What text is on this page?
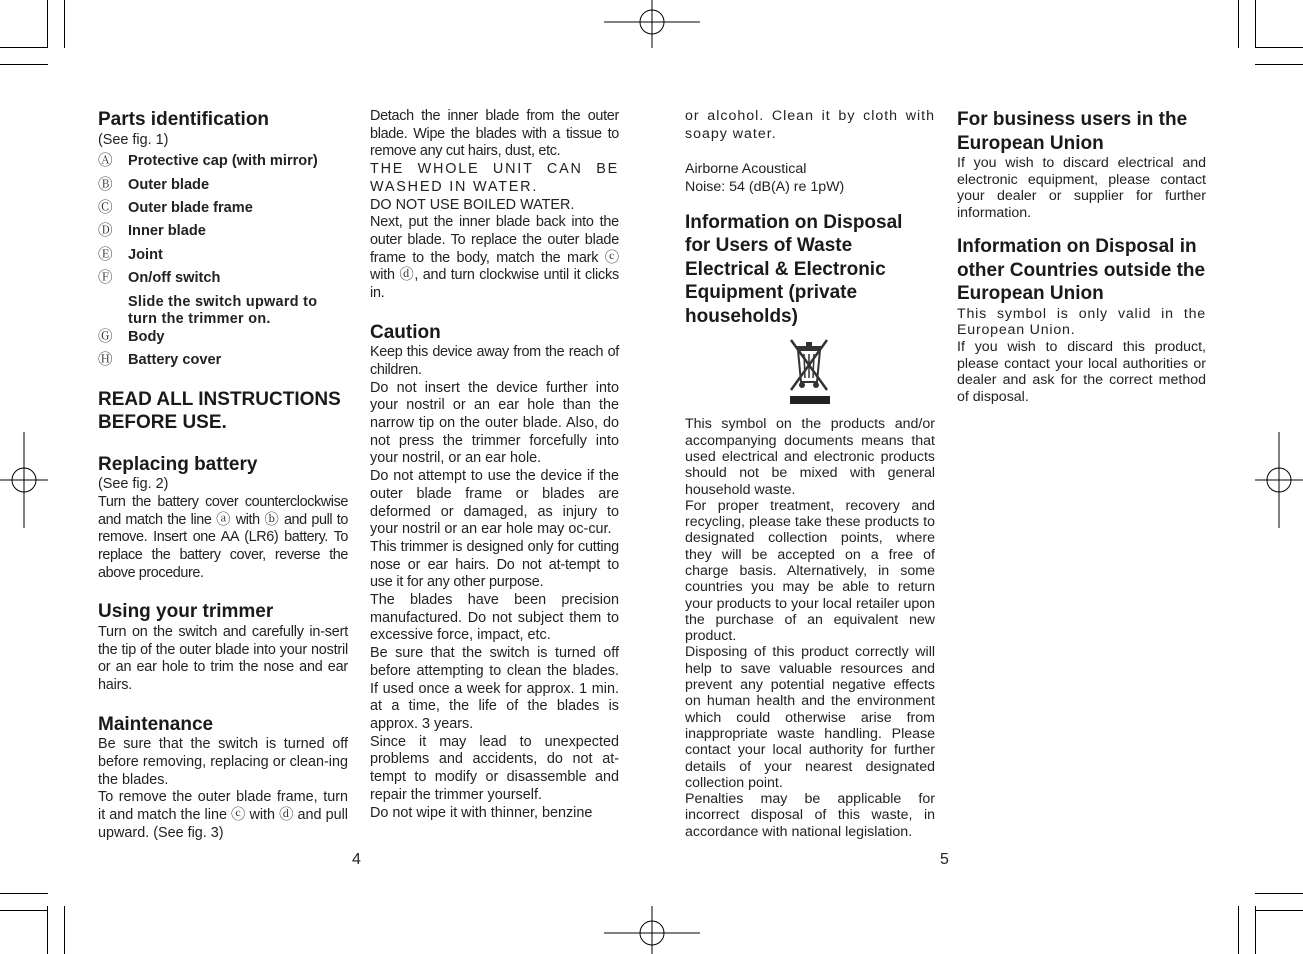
Parts identification

(See fig. 1)

Ⓐ	Protective cap (with mirror)
Ⓑ	Outer blade
Ⓒ	Outer blade frame
Ⓓ	Inner blade
Ⓔ	Joint
Ⓕ	On/off switch
Slide the switch upward to turn the trimmer on.
Ⓖ	Body
Ⓗ	Battery cover
READ ALL INSTRUCTIONS BEFORE USE.
Replacing battery

(See fig. 2)

Turn the battery cover counterclockwise and match the line ⓐ with ⓑ and pull to remove. Insert one AA (LR6) battery. To replace the battery cover, reverse the above procedure.

Using your trimmer

Turn on the switch and carefully in-sert the tip of the outer blade into your nostril or an ear hole to trim the nose and ear hairs.

Maintenance

Be sure that the switch is turned off before removing, replacing or clean-ing the blades.

To remove the outer blade frame, turn it and match the line ⓒ with ⓓ and pull upward. (See fig. 3)

Detach the inner blade from the outer blade. Wipe the blades with a tissue to remove any cut hairs, dust, etc.

THE WHOLE UNIT CAN BE WASHED IN WATER.

DO NOT USE BOILED WATER.

Next, put the inner blade back into the outer blade. To replace the outer blade frame to the body, match the mark ⓒ with ⓓ, and turn clockwise until it clicks in.

Caution

Keep this device away from the reach of children.

Do not insert the device further into your nostril or an ear hole than the narrow tip on the outer blade. Also, do not press the trimmer forcefully into your nostril, or an ear hole.

Do not attempt to use the device if the outer blade frame or blades are deformed or damaged, as injury to your nostril or an ear hole may oc-cur.

This trimmer is designed only for cutting nose or ear hairs. Do not at-tempt to use it for any other purpose.

The blades have been precision manufactured. Do not subject them to excessive force, impact, etc.

Be sure that the switch is turned off before attempting to clean the blades. If used once a week for approx. 1 min. at a time, the life of the blades is approx. 3 years.

Since it may lead to unexpected problems and accidents, do not at-tempt to modify or disassemble and repair the trimmer yourself.

Do not wipe it with thinner, benzine

4

or alcohol. Clean it by cloth with soapy water.

Airborne Acoustical

Noise: 54 (dB(A) re 1pW)

Information on Disposal for Users of Waste Electrical & Electronic Equipment (private households)

This symbol on the products and/or accompanying documents means that used electrical and electronic products should not be mixed with general household waste.

For proper treatment, recovery and recycling, please take these products to designated collection points, where they will be accepted on a free of charge basis. Alternatively, in some countries you may be able to return your products to your local retailer upon the purchase of an equivalent new product.

Disposing of this product correctly will help to save valuable resources and prevent any potential negative effects on human health and the environment which could otherwise arise from inappropriate waste handling. Please contact your local authority for further details of your nearest designated collection point.

Penalties may be applicable for incorrect disposal of this waste, in accordance with national legislation.

5
For business users in the European Union

If you wish to discard electrical and electronic equipment, please contact your dealer or supplier for further information.

Information on Disposal in other Countries outside the European Union

This symbol is only valid in the European Union.

If you wish to discard this product, please contact your local authorities or dealer and ask for the correct method of disposal.
